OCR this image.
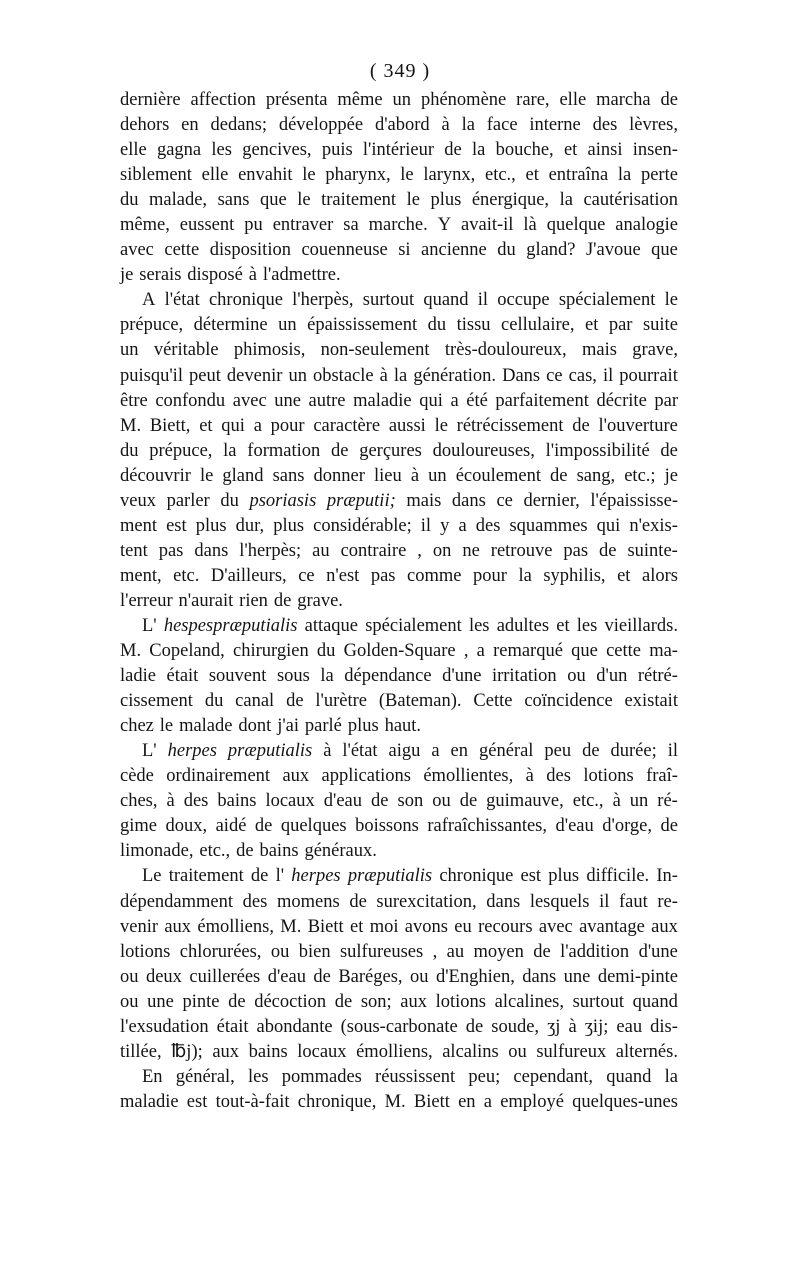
( 349 )
dernière affection présenta même un phénomène rare, elle marcha de
dehors en dedans; développée d'abord à la face interne des lèvres,
elle gagna les gencives, puis l'intérieur de la bouche, et ainsi insen-
siblement elle envahit le pharynx, le larynx, etc., et entraîna la perte
du malade, sans que le traitement le plus énergique, la cautérisation
même, eussent pu entraver sa marche. Y avait-il là quelque analogie
avec cette disposition couenneuse si ancienne du gland? J'avoue que
je serais disposé à l'admettre.
A l'état chronique l'herpès, surtout quand il occupe spécialement le
prépuce, détermine un épaississement du tissu cellulaire, et par suite
un véritable phimosis, non-seulement très-douloureux, mais grave,
puisqu'il peut devenir un obstacle à la génération. Dans ce cas, il pourrait
être confondu avec une autre maladie qui a été parfaitement décrite par
M. Biett, et qui a pour caractère aussi le rétrécissement de l'ouverture
du prépuce, la formation de gerçures douloureuses, l'impossibilité de
découvrir le gland sans donner lieu à un écoulement de sang, etc.; je
veux parler du psoriasis præputii; mais dans ce dernier, l'épaississe-
ment est plus dur, plus considérable; il y a des squammes qui n'exis-
tent pas dans l'herpès; au contraire , on ne retrouve pas de suinte-
ment, etc. D'ailleurs, ce n'est pas comme pour la syphilis, et alors
l'erreur n'aurait rien de grave.
L' hespespræputialis attaque spécialement les adultes et les vieillards.
M. Copeland, chirurgien du Golden-Square , a remarqué que cette ma-
ladie était souvent sous la dépendance d'une irritation ou d'un rétré-
cissement du canal de l'urètre (Bateman). Cette coïncidence existait
chez le malade dont j'ai parlé plus haut.
L' herpes præputialis à l'état aigu a en général peu de durée; il
cède ordinairement aux applications émollientes, à des lotions fraî-
ches, à des bains locaux d'eau de son ou de guimauve, etc., à un ré-
gime doux, aidé de quelques boissons rafraîchissantes, d'eau d'orge, de
limonade, etc., de bains généraux.
Le traitement de l' herpes præputialis chronique est plus difficile. In-
dépendamment des momens de surexcitation, dans lesquels il faut re-
venir aux émolliens, M. Biett et moi avons eu recours avec avantage aux
lotions chlorurées, ou bien sulfureuses , au moyen de l'addition d'une
ou deux cuillerées d'eau de Baréges, ou d'Enghien, dans une demi-pinte
ou une pinte de décoction de son; aux lotions alcalines, surtout quand
l'exsudation était abondante (sous-carbonate de soude, ʒj à ʒij; eau dis-
tillée, ℔j); aux bains locaux émolliens, alcalins ou sulfureux alternés.
En général, les pommades réussissent peu; cependant, quand la
maladie est tout-à-fait chronique, M. Biett en a employé quelques-unes
